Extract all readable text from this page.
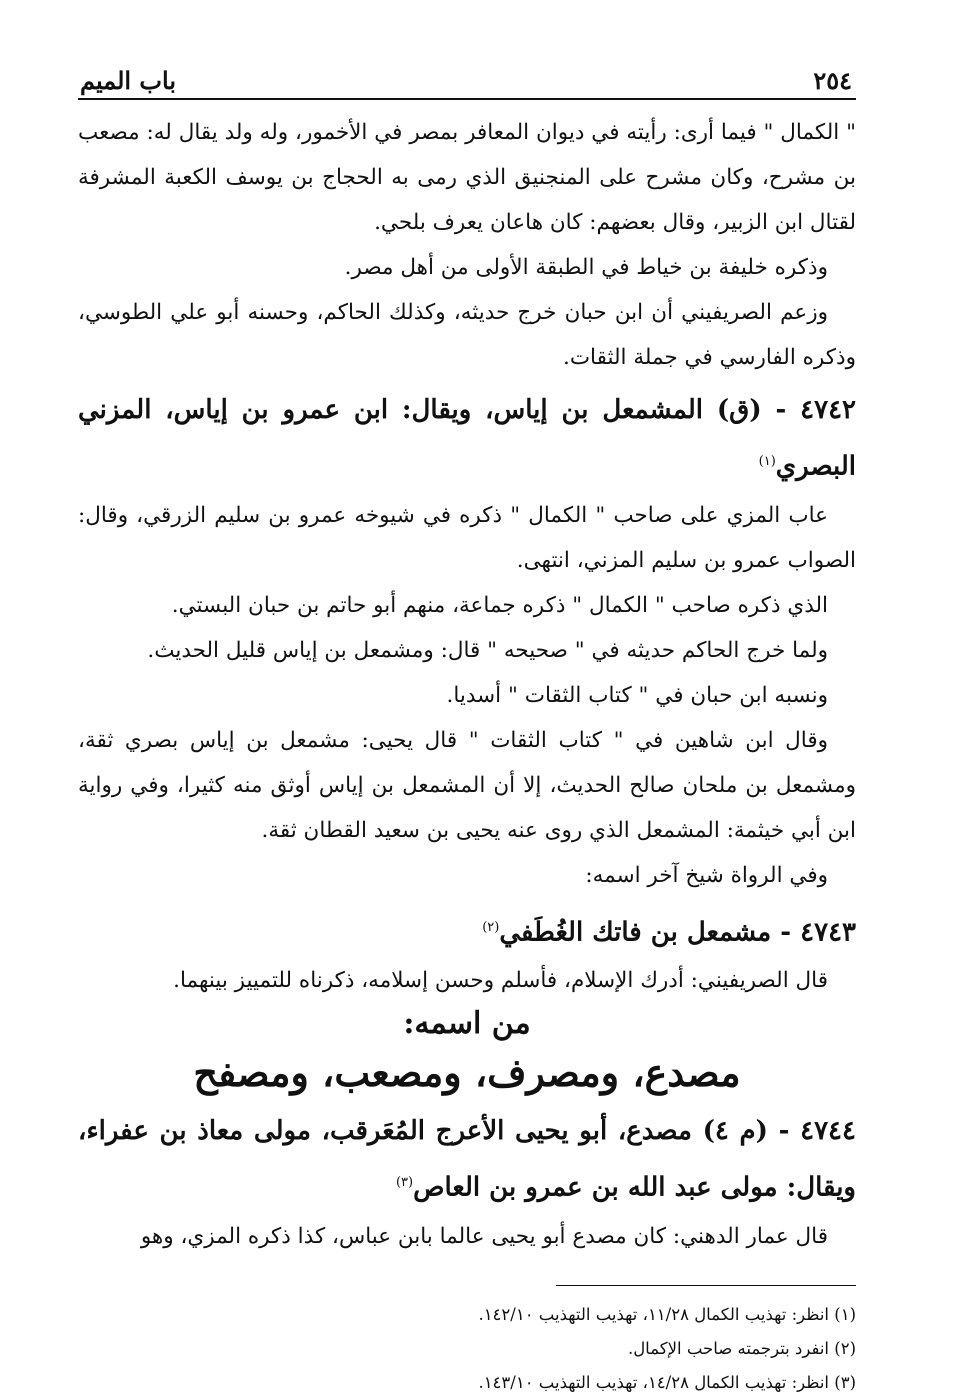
٢٥٤
باب الميم

" الكمال " فيما أرى: رأيته في ديوان المعافر بمصر في الأخمور، وله ولد يقال له: مصعب بن مشرح، وكان مشرح على المنجنيق الذي رمى به الحجاج بن يوسف الكعبة المشرفة لقتال ابن الزبير، وقال بعضهم: كان هاعان يعرف بلحي.

وذكره خليفة بن خياط في الطبقة الأولى من أهل مصر.

وزعم الصريفيني أن ابن حبان خرج حديثه، وكذلك الحاكم، وحسنه أبو علي الطوسي، وذكره الفارسي في جملة الثقات.

٤٧٤٢ - (ق) المشمعل بن إياس، ويقال: ابن عمرو بن إياس، المزني البصري$^{(١)}$

عاب المزي على صاحب " الكمال " ذكره في شيوخه عمرو بن سليم الزرقي، وقال: الصواب عمرو بن سليم المزني، انتهى.

الذي ذكره صاحب " الكمال " ذكره جماعة، منهم أبو حاتم بن حبان البستي.

ولما خرج الحاكم حديثه في " صحيحه " قال: ومشمعل بن إياس قليل الحديث.

ونسبه ابن حبان في " كتاب الثقات " أسديا.

وقال ابن شاهين في " كتاب الثقات " قال يحيى: مشمعل بن إياس بصري ثقة، ومشمعل بن ملحان صالح الحديث، إلا أن المشمعل بن إياس أوثق منه كثيرا، وفي رواية ابن أبي خيثمة: المشمعل الذي روى عنه يحيى بن سعيد القطان ثقة.

وفي الرواة شيخ آخر اسمه:

٤٧٤٣ - مشمعل بن فاتك الغُطَفي$^{(٢)}$

قال الصريفيني: أدرك الإسلام، فأسلم وحسن إسلامه، ذكرناه للتمييز بينهما.

من اسمه:

مصدع، ومصرف، ومصعب، ومصفح

٤٧٤٤ - (م ٤) مصدع، أبو يحيى الأعرج المُعَرقب، مولى معاذ بن عفراء، ويقال: مولى عبد الله بن عمرو بن العاص$^{(٣)}$

قال عمار الدهني: كان مصدع أبو يحيى عالما بابن عباس، كذا ذكره المزي، وهو

(١) انظر: تهذيب الكمال ١١/٢٨، تهذيب التهذيب ١٤٢/١٠.

(٢) انفرد بترجمته صاحب الإكمال.

(٣) انظر: تهذيب الكمال ١٤/٢٨، تهذيب التهذيب ١٤٣/١٠.
